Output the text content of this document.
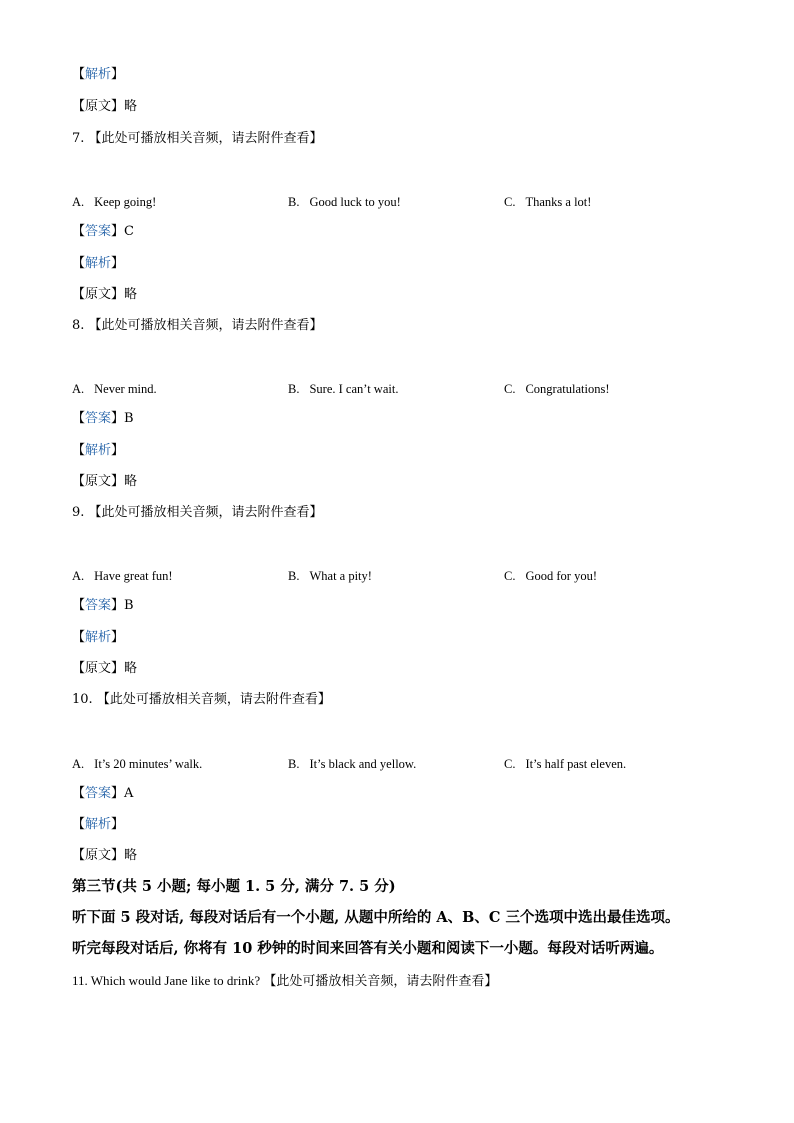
【解析】
【原文】略
7. 【此处可播放相关音频，请去附件查看】
A. Keep going!	B. Good luck to you!	C. Thanks a lot!
【答案】C
【解析】
【原文】略
8. 【此处可播放相关音频，请去附件查看】
A. Never mind.	B. Sure. I can’t wait.	C. Congratulations!
【答案】B
【解析】
【原文】略
9. 【此处可播放相关音频，请去附件查看】
A. Have great fun!	B. What a pity!	C. Good for you!
【答案】B
【解析】
【原文】略
10. 【此处可播放相关音频，请去附件查看】
A. It’s 20 minutes’ walk.	B. It’s black and yellow.	C. It’s half past eleven.
【答案】A
【解析】
【原文】略
第三节(共 5 小题; 每小题 1. 5 分, 满分 7. 5 分)
听下面 5 段对话, 每段对话后有一个小题, 从题中所给的 A、B、C 三个选项中选出最佳选项。
听完每段对话后, 你将有 10 秒钟的时间来回答有关小题和阅读下一小题。每段对话听两遍。
11. Which would Jane like to drink? 【此处可播放相关音频，请去附件查看】
